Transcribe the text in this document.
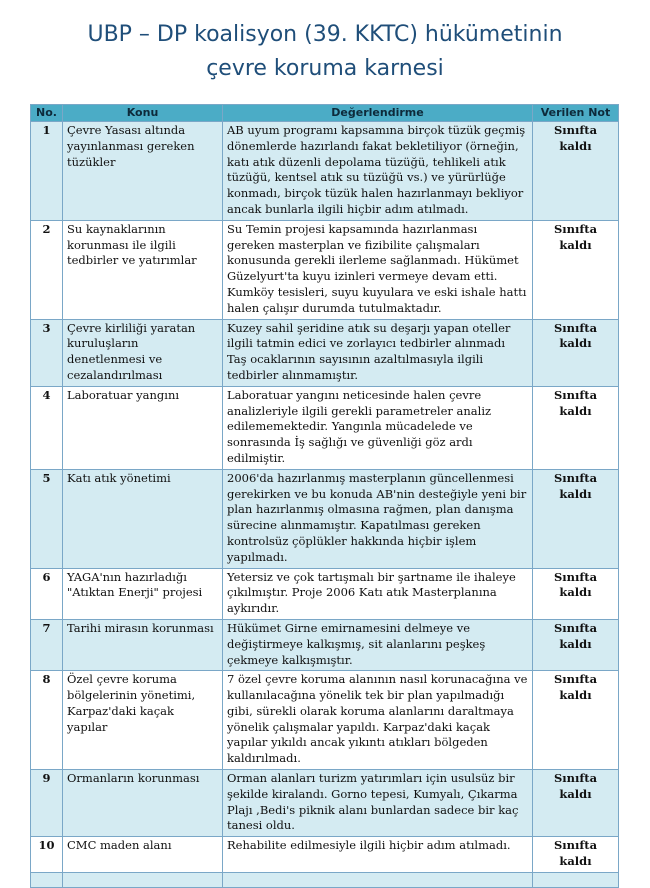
UBP – DP koalisyon (39. KKTC) hükümetinin
çevre koruma karnesi
No.	Konu	Değerlendirme	Verilen Not
1	Çevre Yasası altında yayınlanması gereken tüzükler	AB uyum programı kapsamına birçok tüzük geçmiş dönemlerde hazırlandı fakat bekletiliyor (örneğin, katı atık düzenli depolama tüzüğü, tehlikeli atık tüzüğü, kentsel atık su tüzüğü vs.) ve yürürlüğe konmadı, birçok tüzük halen hazırlanmayı bekliyor ancak bunlarla ilgili hiçbir adım atılmadı.	Sınıfta kaldı
2	Su kaynaklarının korunması ile ilgili tedbirler ve yatırımlar	Su Temin projesi kapsamında hazırlanması gereken masterplan ve fizibilite çalışmaları konusunda gerekli ilerleme sağlanmadı. Hükümet Güzelyurt'ta kuyu izinleri vermeye devam etti. Kumköy tesisleri, suyu kuyulara ve eski ishale hattı halen çalışır durumda tutulmaktadır.	Sınıfta kaldı
3	Çevre kirliliği yaratan kuruluşların denetlenmesi ve cezalandırılması	Kuzey sahil şeridine atık su deşarjı yapan oteller ilgili tatmin edici ve zorlayıcı tedbirler alınmadı Taş ocaklarının sayısının azaltılmasıyla ilgili tedbirler alınmamıştır.	Sınıfta kaldı
4	Laboratuar yangını	Laboratuar yangını neticesinde halen çevre analizleriyle ilgili gerekli parametreler analiz edilememektedir. Yangınla mücadelede ve sonrasında İş sağlığı ve güvenliği göz ardı edilmiştir.	Sınıfta kaldı
5	Katı atık yönetimi	2006'da hazırlanmış masterplanın güncellenmesi gerekirken ve bu konuda AB'nin desteğiyle yeni bir plan hazırlanmış olmasına rağmen, plan danışma sürecine alınmamıştır. Kapatılması gereken kontrolsüz çöplükler hakkında hiçbir işlem yapılmadı.	Sınıfta kaldı
6	YAGA'nın hazırladığı "Atıktan Enerji" projesi	Yetersiz ve çok tartışmalı bir şartname ile ihaleye çıkılmıştır. Proje 2006 Katı atık Masterplanına aykırıdır.	Sınıfta kaldı
7	Tarihi mirasın korunması	Hükümet Girne emirnamesini delmeye ve değiştirmeye kalkışmış, sit alanlarını peşkeş çekmeye kalkışmıştır.	Sınıfta kaldı
8	Özel çevre koruma bölgelerinin yönetimi, Karpaz'daki kaçak yapılar	7 özel çevre koruma alanının nasıl korunacağına ve kullanılacağına yönelik tek bir plan yapılmadığı gibi, sürekli olarak koruma alanlarını daraltmaya yönelik çalışmalar yapıldı. Karpaz'daki kaçak yapılar yıkıldı ancak yıkıntı atıkları bölgeden kaldırılmadı.	Sınıfta kaldı
9	Ormanların korunması	Orman alanları turizm yatırımları için usulsüz bir şekilde kiralandı. Gorno tepesi, Kumyalı, Çıkarma Plajı ,Bedi's piknik alanı bunlardan sadece bir kaç tanesi oldu.	Sınıfta kaldı
10	CMC maden alanı	Rehabilite edilmesiyle ilgili hiçbir adım atılmadı.	Sınıfta kaldı
